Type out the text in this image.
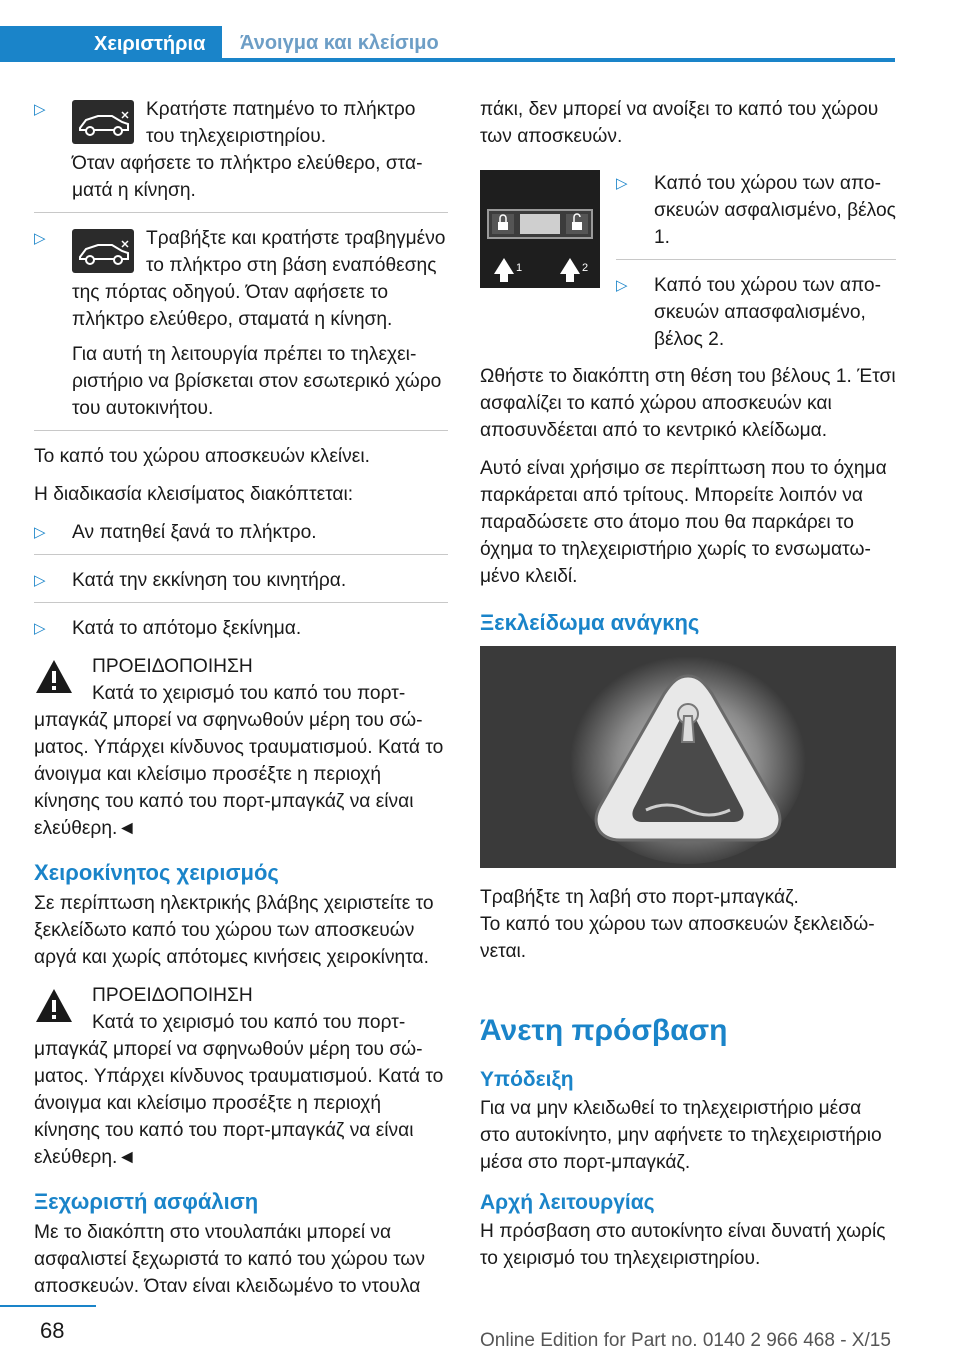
Χειριστήρια	Άνοιγμα και κλείσιμο

▷ Κρατήστε πατημένο το πλήκτρο του τηλεχειριστηρίου.

Όταν αφήσετε το πλήκτρο ελεύθερο, σταματά η κίνηση.

▷ Τραβήξτε και κρατήστε τραβηγμένο το πλήκτρο στη βάση εναπόθεσης της πόρτας οδηγού. Όταν αφήσετε το πλήκτρο ελεύθερο, σταματά η κίνηση.

Για αυτή τη λειτουργία πρέπει το τηλεχειριστήριο να βρίσκεται στον εσωτερικό χώρο του αυτοκινήτου.

Το καπό του χώρου αποσκευών κλείνει.

Η διαδικασία κλεισίματος διακόπτεται:

▷ Αν πατηθεί ξανά το πλήκτρο.

▷ Κατά την εκκίνηση του κινητήρα.

▷ Κατά το απότομο ξεκίνημα.

ΠΡΟΕΙΔΟΠΟΙΗΣΗ

Κατά το χειρισμό του καπό του πορτ-μπαγκάζ μπορεί να σφηνωθούν μέρη του σώματος. Υπάρχει κίνδυνος τραυματισμού. Κατά το άνοιγμα και κλείσιμο προσέξτε η περιοχή κίνησης του καπό του πορτ-μπαγκάζ να είναι ελεύθερη.◄

Χειροκίνητος χειρισμός

Σε περίπτωση ηλεκτρικής βλάβης χειριστείτε το ξεκλείδωτο καπό του χώρου των αποσκευών αργά και χωρίς απότομες κινήσεις χειροκίνητα.

ΠΡΟΕΙΔΟΠΟΙΗΣΗ

Κατά το χειρισμό του καπό του πορτ-μπαγκάζ μπορεί να σφηνωθούν μέρη του σώματος. Υπάρχει κίνδυνος τραυματισμού. Κατά το άνοιγμα και κλείσιμο προσέξτε η περιοχή κίνησης του καπό του πορτ-μπαγκάζ να είναι ελεύθερη.◄

Ξεχωριστή ασφάλιση

Με το διακόπτη στο ντουλαπάκι μπορεί να ασφαλιστεί ξεχωριστά το καπό του χώρου των αποσκευών. Όταν είναι κλειδωμένο το ντουλα

πάκι, δεν μπορεί να ανοίξει το καπό του χώρου των αποσκευών.

1	2

▷ Καπό του χώρου των αποσκευών ασφαλισμένο, βέλος 1.

▷ Καπό του χώρου των αποσκευών απασφαλισμένο, βέλος 2.

Ωθήστε το διακόπτη στη θέση του βέλους 1. Έτσι ασφαλίζει το καπό χώρου αποσκευών και αποσυνδέεται από το κεντρικό κλείδωμα.

Αυτό είναι χρήσιμο σε περίπτωση που το όχημα παρκάρεται από τρίτους. Μπορείτε λοιπόν να παραδώσετε στο άτομο που θα παρκάρει το όχημα το τηλεχειριστήριο χωρίς το ενσωματωμένο κλειδί.

Ξεκλείδωμα ανάγκης

Τραβήξτε τη λαβή στο πορτ-μπαγκάζ.

Το καπό του χώρου των αποσκευών ξεκλειδώνεται.

Άνετη πρόσβαση
Υπόδειξη

Για να μην κλειδωθεί το τηλεχειριστήριο μέσα στο αυτοκίνητο, μην αφήνετε το τηλεχειριστήριο μέσα στο πορτ-μπαγκάζ.

Αρχή λειτουργίας

Η πρόσβαση στο αυτοκίνητο είναι δυνατή χωρίς το χειρισμό του τηλεχειριστηρίου.

68	Online Edition for Part no. 0140 2 966 468 - X/15
